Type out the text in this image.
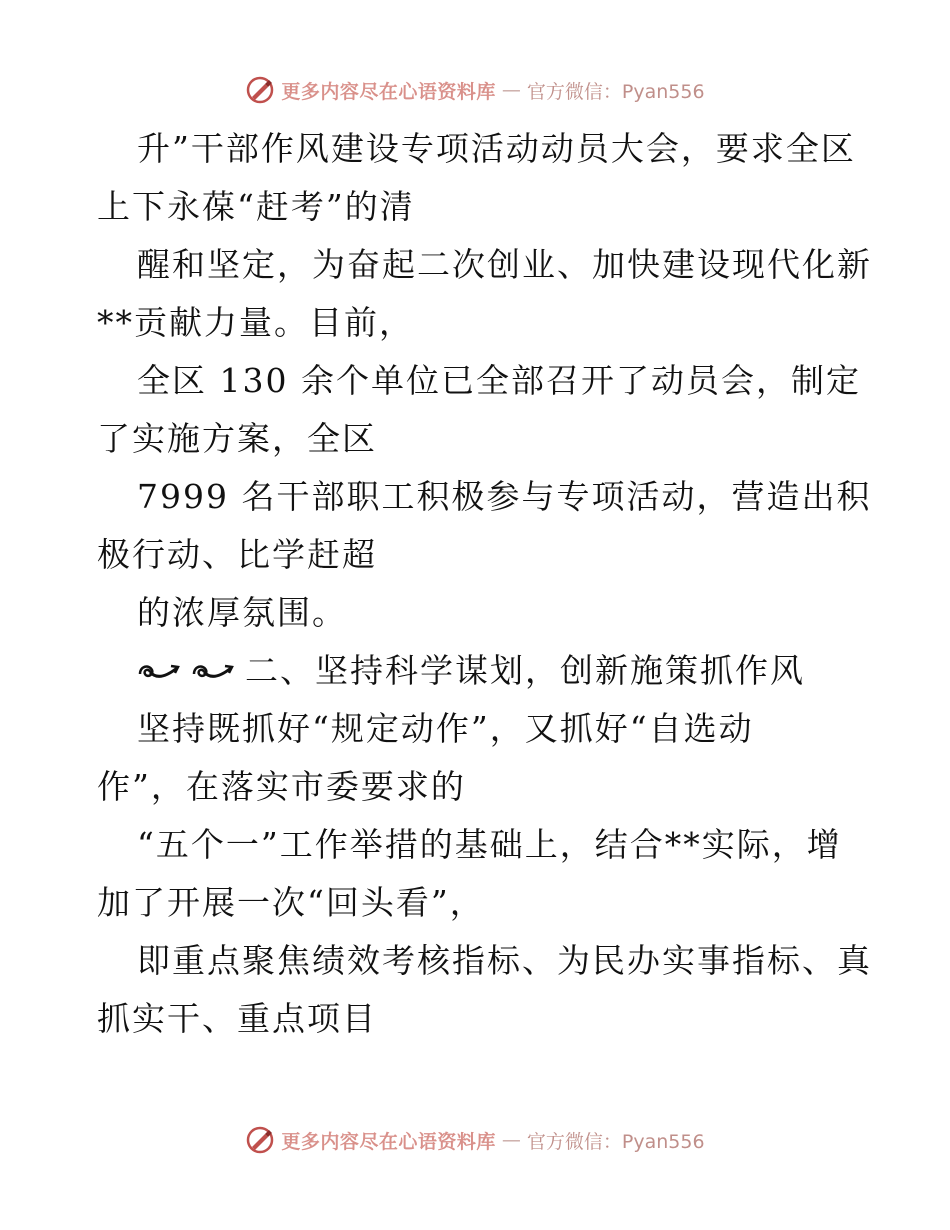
更多内容尽在心语资料库 — 官方微信：Pyan556
升”干部作风建设专项活动动员大会，要求全区
上下永葆“赶考”的清
醒和坚定，为奋起二次创业、加快建设现代化新
**贡献力量。目前，
全区 130 余个单位已全部召开了动员会，制定
了实施方案，全区
7999 名干部职工积极参与专项活动，营造出积
极行动、比学赶超
的浓厚氛围。
二、坚持科学谋划，创新施策抓作风
坚持既抓好“规定动作”，又抓好“自选动
作”，在落实市委要求的
“五个一”工作举措的基础上，结合**实际，增
加了开展一次“回头看”，
即重点聚焦绩效考核指标、为民办实事指标、真
抓实干、重点项目
更多内容尽在心语资料库 — 官方微信：Pyan556
